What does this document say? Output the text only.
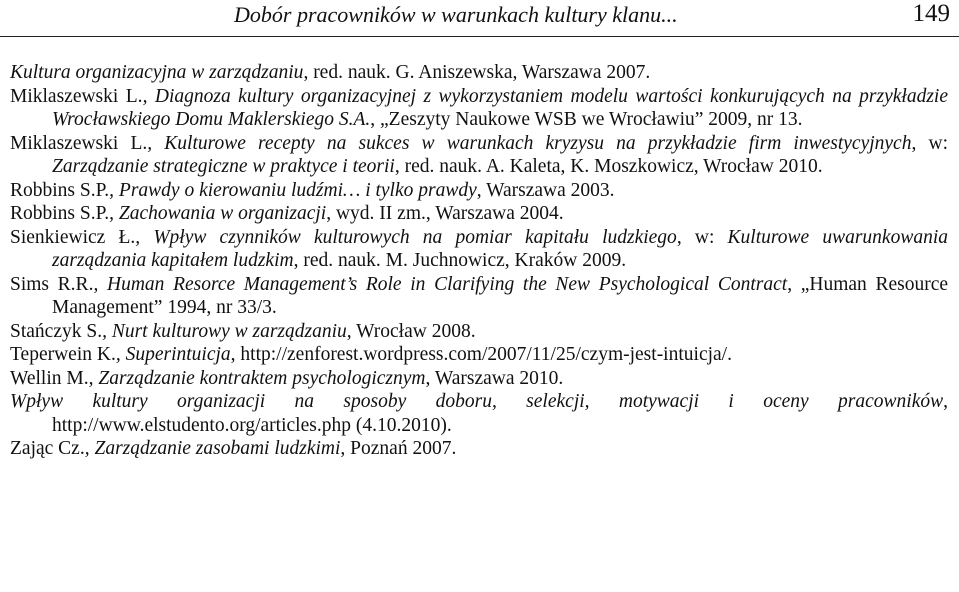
Dobór pracowników w warunkach kultury klanu...	149

Kultura organizacyjna w zarządzaniu, red. nauk. G. Aniszewska, Warszawa 2007.

Miklaszewski L., Diagnoza kultury organizacyjnej z wykorzystaniem modelu wartości konkurujących na przykładzie Wrocławskiego Domu Maklerskiego S.A., „Zeszyty Naukowe WSB we Wrocławiu” 2009, nr 13.

Miklaszewski L., Kulturowe recepty na sukces w warunkach kryzysu na przykładzie firm inwestycyjnych, w: Zarządzanie strategiczne w praktyce i teorii, red. nauk. A. Kaleta, K. Moszkowicz, Wrocław 2010.

Robbins S.P., Prawdy o kierowaniu ludźmi… i tylko prawdy, Warszawa 2003.

Robbins S.P., Zachowania w organizacji, wyd. II zm., Warszawa 2004.

Sienkiewicz Ł., Wpływ czynników kulturowych na pomiar kapitału ludzkiego, w: Kulturowe uwarunkowania zarządzania kapitałem ludzkim, red. nauk. M. Juchnowicz, Kraków 2009.

Sims R.R., Human Resorce Management’s Role in Clarifying the New Psychological Contract, „Human Resource Management” 1994, nr 33/3.

Stańczyk S., Nurt kulturowy w zarządzaniu, Wrocław 2008.

Teperwein K., Superintuicja, http://zenforest.wordpress.com/2007/11/25/czym-jest-intuicja/.

Wellin M., Zarządzanie kontraktem psychologicznym, Warszawa 2010.

Wpływ kultury organizacji na sposoby doboru, selekcji, motywacji i oceny pracowników, http://www.elstudento.org/articles.php (4.10.2010).

Zając Cz., Zarządzanie zasobami ludzkimi, Poznań 2007.
